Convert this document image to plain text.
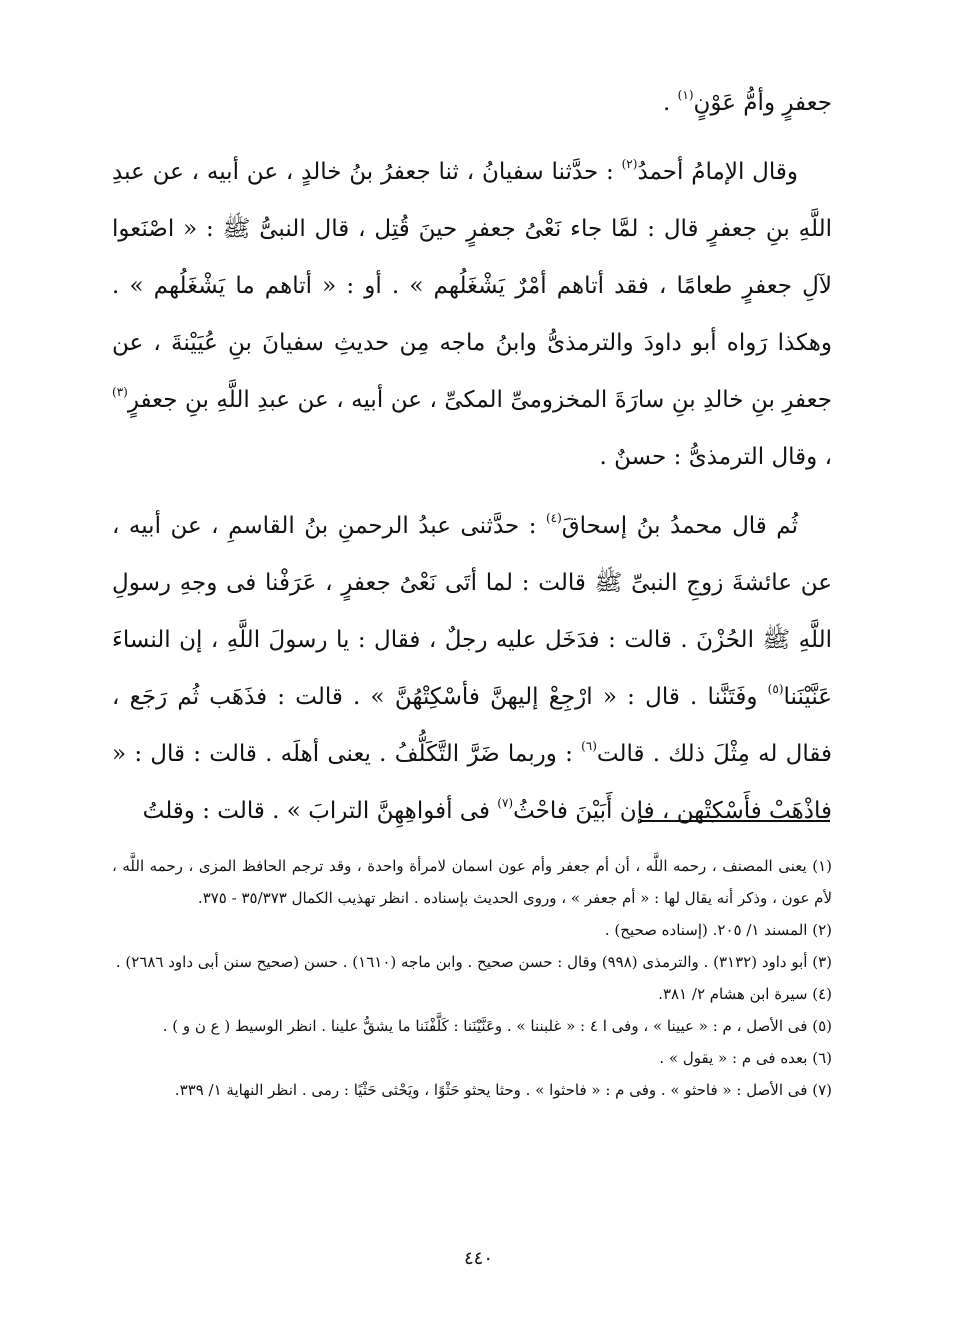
جعفرٍ وأمُّ عَوْنٍ$^{(١)}$ .

وقال الإمامُ أحمدُ$^{(٢)}$ : حدَّثنا سفيانُ ، ثنا جعفرُ بنُ خالدٍ ، عن أبيه ، عن عبدِ اللَّهِ بنِ جعفرٍ قال : لمَّا جاء نَعْىُ جعفرٍ حينَ قُتِل ، قال النبىُّ ﷺ : « اصْنَعوا لآلِ جعفرٍ طعامًا ، فقد أتاهم أمْرٌ يَشْغَلُهم » . أو : « أتاهم ما يَشْغَلُهم » . وهكذا رَواه أبو داودَ والترمذىُّ وابنُ ماجه مِن حديثِ سفيانَ بنِ عُيَيْنةَ ، عن جعفرِ بنِ خالدِ بنِ سارَةَ المخزومىِّ المكىِّ ، عن أبيه ، عن عبدِ اللَّهِ بنِ جعفرٍ$^{(٣)}$ ، وقال الترمذىُّ : حسنٌ .

ثُم قال محمدُ بنُ إسحاقَ$^{(٤)}$ : حدَّثنى عبدُ الرحمنِ بنُ القاسمِ ، عن أبيه ، عن عائشةَ زوجِ النبىِّ ﷺ قالت : لما أتَى نَعْىُ جعفرٍ ، عَرَفْنا فى وجهِ رسولِ اللَّهِ ﷺ الحُزْنَ . قالت : فدَخَل عليه رجلٌ ، فقال : يا رسولَ اللَّهِ ، إن النساءَ عَنَّيْنَنا$^{(٥)}$ وفَتَنَّنا . قال : « ارْجِعْ إليهنَّ فأسْكِتْهُنَّ » . قالت : فذَهَب ثُم رَجَع ، فقال له مِثْلَ ذلك . قالت$^{(٦)}$ : وربما ضَرَّ التَّكَلُّفُ . يعنى أهلَه . قالت : قال : « فاذْهَبْ فأَسْكِتْهن ، فإن أَبَيْنَ فاحْثُ$^{(٧)}$ فى أفواهِهِنَّ الترابَ » . قالت : وقلتُ

(١) يعنى المصنف ، رحمه اللَّه ، أن أم جعفر وأم عون اسمان لامرأة واحدة ، وقد ترجم الحافظ المزى ، رحمه اللَّه ، لأم عون ، وذكر أنه يقال لها : « أم جعفر » ، وروى الحديث بإسناده . انظر تهذيب الكمال ٣٥/٣٧٣ - ٣٧٥.

(٢) المسند ١/ ٢٠٥. (إسناده صحيح) .

(٣) أبو داود (٣١٣٢) . والترمذى (٩٩٨) وقال : حسن صحيح . وابن ماجه (١٦١٠) . حسن (صحيح سنن أبى داود ٢٦٨٦) .

(٤) سيرة ابن هشام ٢/ ٣٨١.

(٥) فى الأصل ، م : « عيينا » ، وفى ا ٤ : « غلبننا » . وعَنَّيْنَنا : كَلَّفْنَنا ما يشقُّ علينا . انظر الوسيط ( ع ن و ) .

(٦) بعده فى م : « يقول » .

(٧) فى الأصل : « فاحثو » . وفى م : « فاحثوا » . وحثا يحثو حَثْوًا ، ويَحْثى حَثْيًا : رمى . انظر النهاية ١/ ٣٣٩.

٤٤٠
